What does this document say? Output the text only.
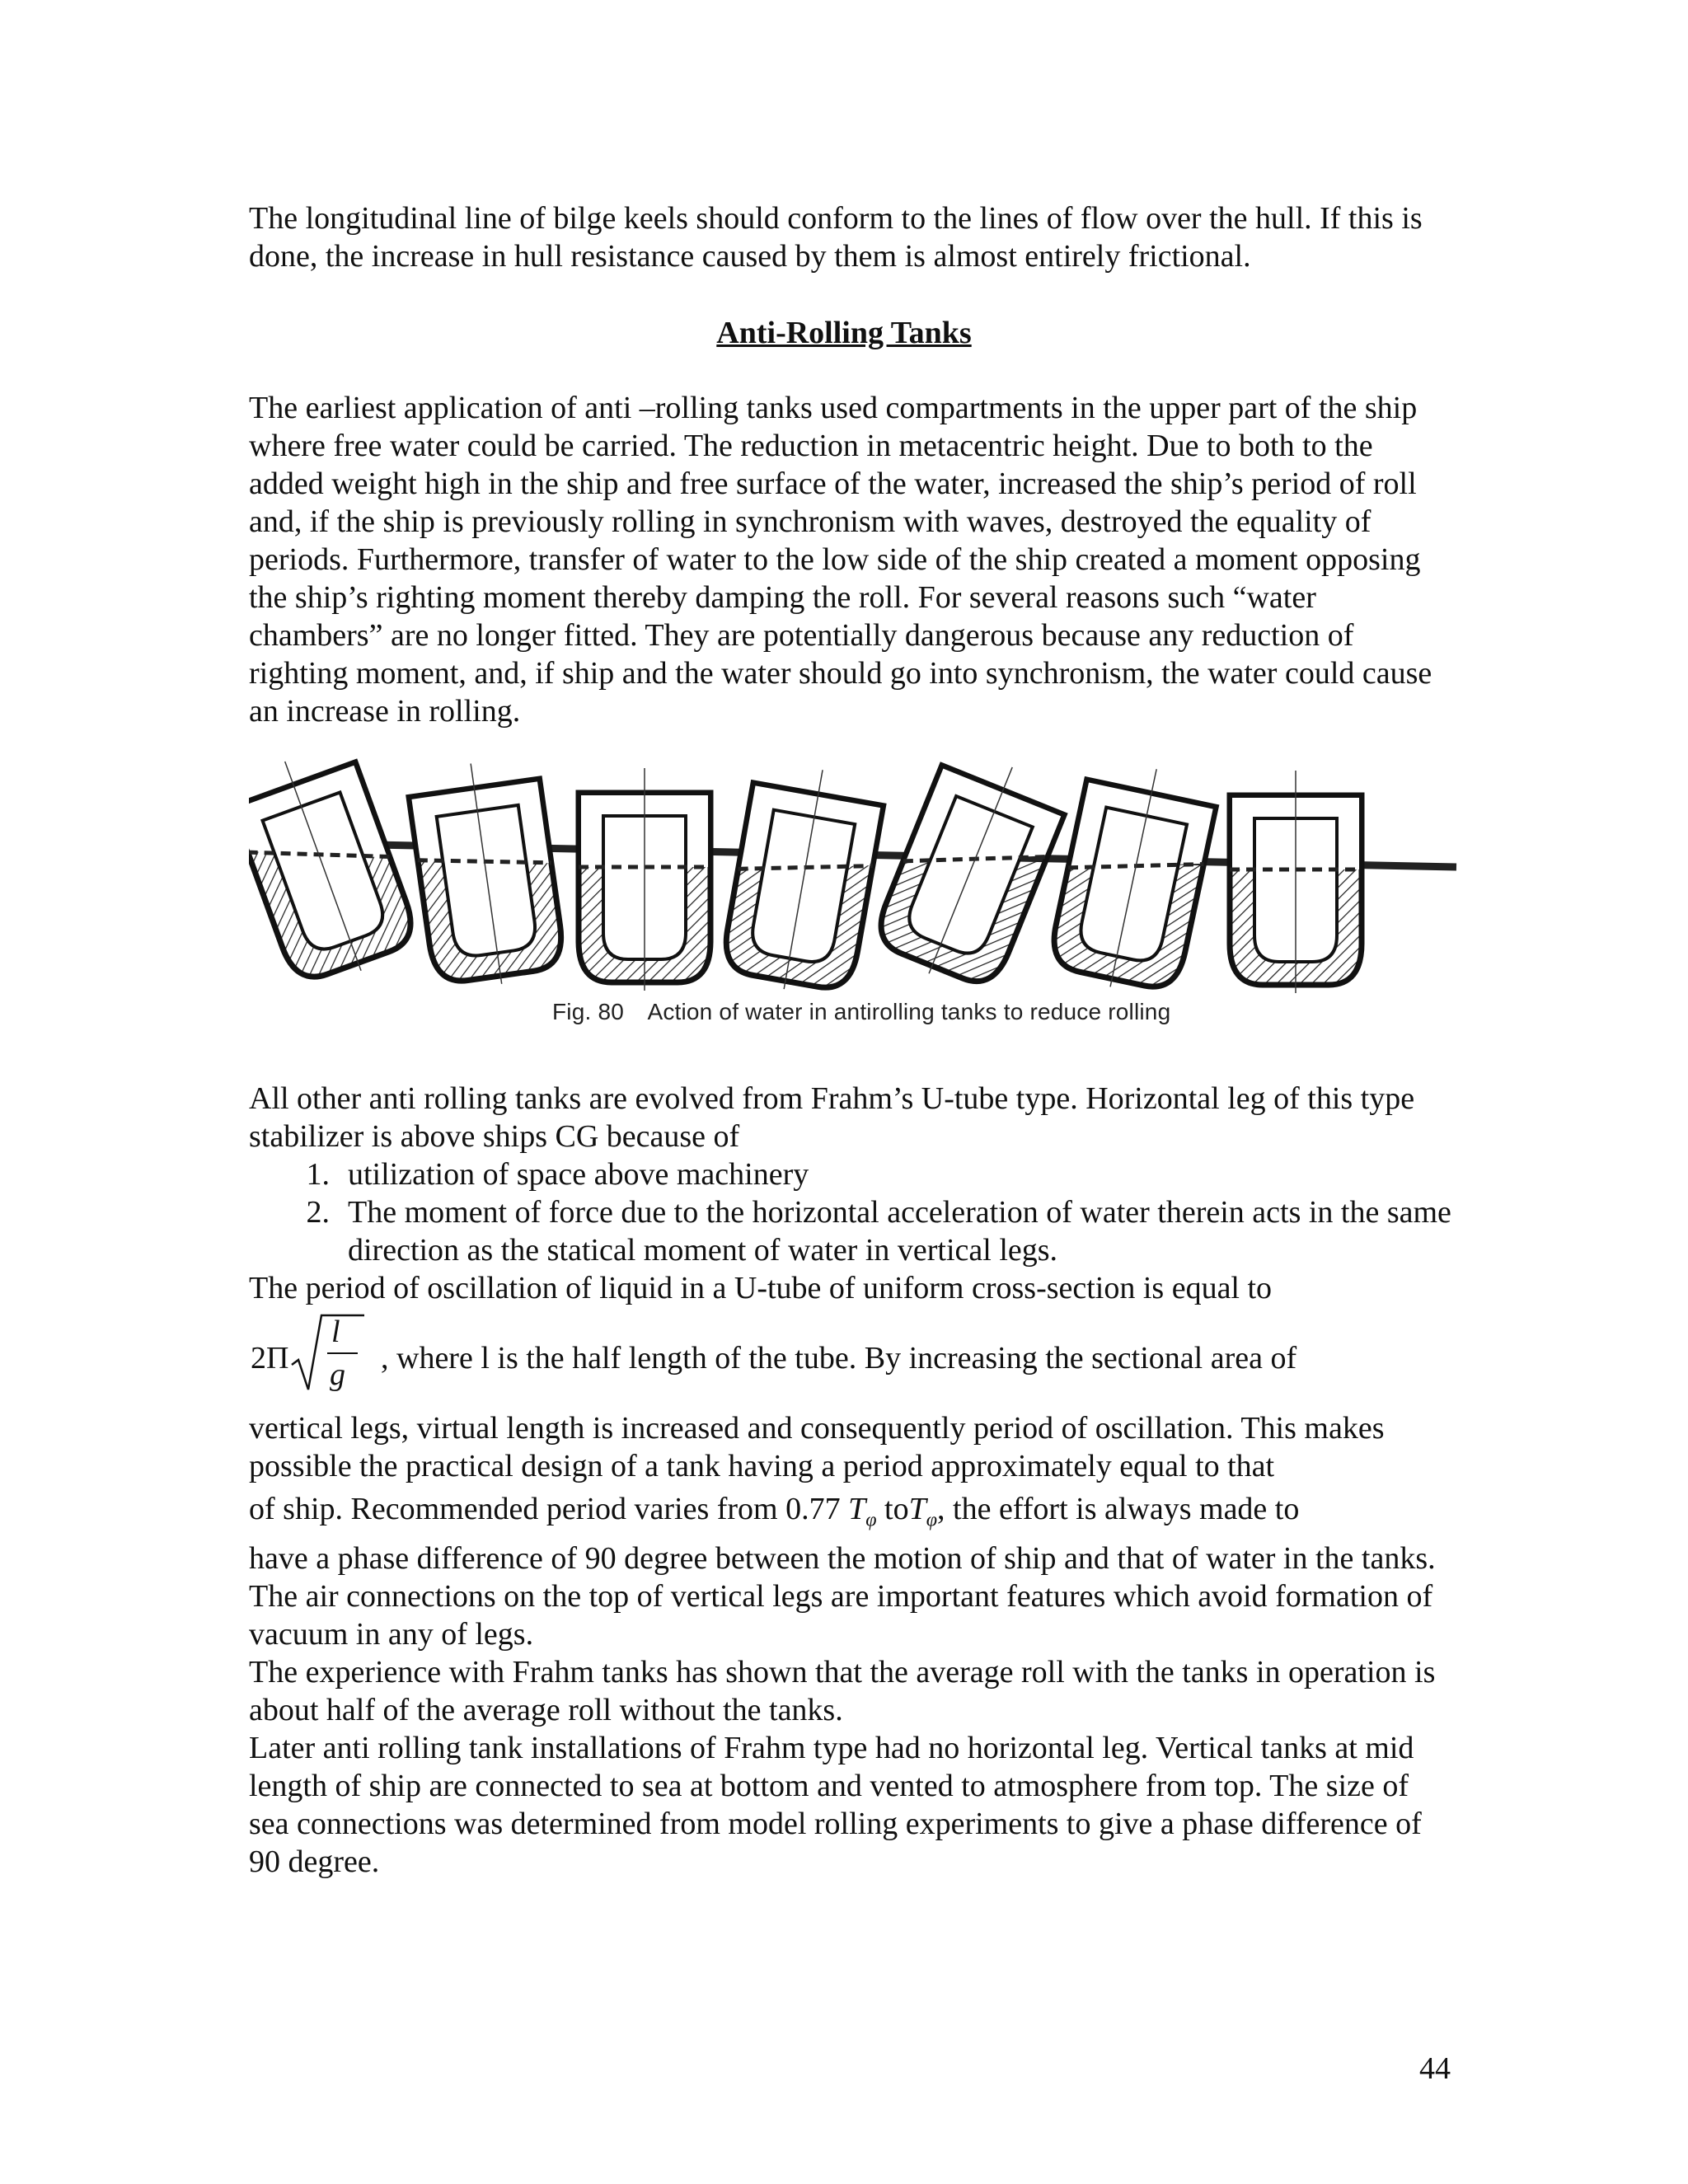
The longitudinal line of bilge keels should conform to the lines of flow over the hull. If this is done, the increase in hull resistance caused by them is almost entirely frictional.
Anti-Rolling Tanks
The earliest application of anti –rolling tanks used compartments in the upper part of the ship where free water could be carried. The reduction in metacentric height. Due to both to the added weight high in the ship and free surface of the water, increased the ship’s period of roll and, if the ship is previously rolling in synchronism with waves, destroyed the equality of periods. Furthermore, transfer of water to the low side of the ship created a moment opposing the ship’s righting moment thereby damping the roll. For several reasons such “water chambers” are no longer fitted. They are potentially dangerous because any reduction of righting moment, and, if ship and the water should go into synchronism, the water could cause an increase in rolling.
Fig. 80 Action of water in antirolling tanks to reduce rolling
All other anti rolling tanks are evolved from Frahm’s U-tube type. Horizontal leg of this type stabilizer is above ships CG because of
1. utilization of space above machinery
2. The moment of force due to the horizontal acceleration of water therein acts in the same direction as the statical moment of water in vertical legs.
The period of oscillation of liquid in a U-tube of uniform cross-section is equal to
2Π
l
g , where l is the half length of the tube. By increasing the sectional area of
vertical legs, virtual length is increased and consequently period of oscillation. This makes possible the practical design of a tank having a period approximately equal to that
of ship. Recommended period varies from 0.77 $T_\varphi$ toT$_\varphi$, the effort is always made to
have a phase difference of 90 degree between the motion of ship and that of water in the tanks. The air connections on the top of vertical legs are important features which avoid formation of vacuum in any of legs.
The experience with Frahm tanks has shown that the average roll with the tanks in operation is about half of the average roll without the tanks.
Later anti rolling tank installations of Frahm type had no horizontal leg. Vertical tanks at mid length of ship are connected to sea at bottom and vented to atmosphere from top. The size of sea connections was determined from model rolling experiments to give a phase difference of 90 degree.
44
